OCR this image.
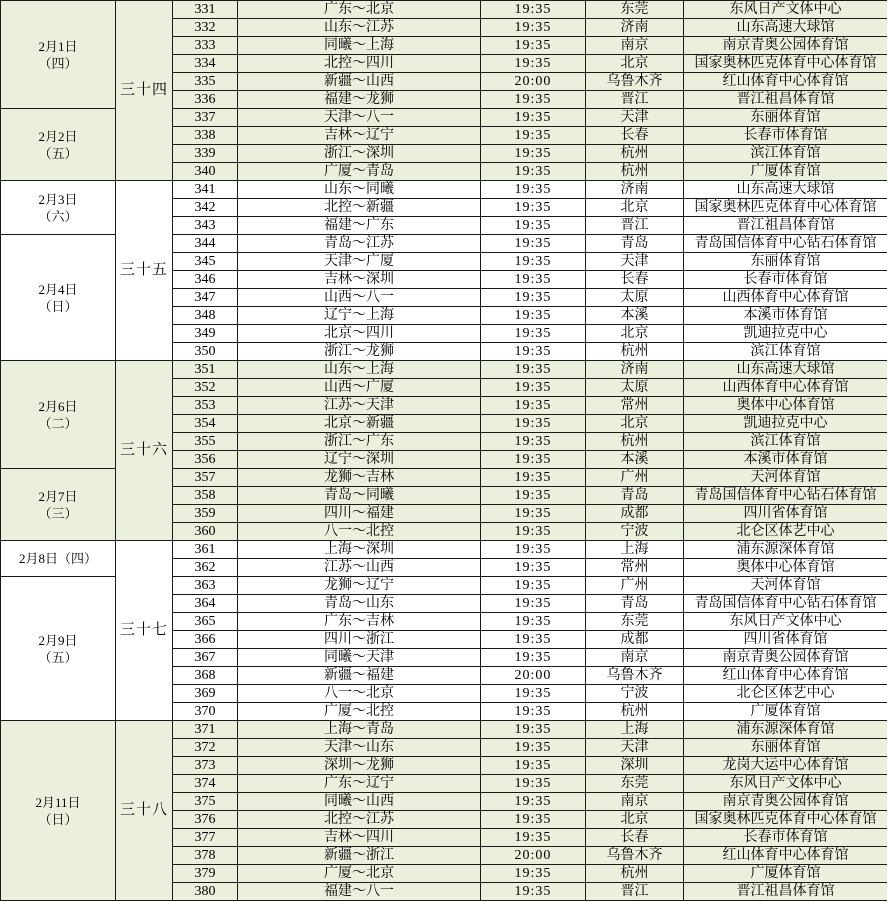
2月1日
（四）	三十四	331	广东～北京	19:35	东莞	东风日产文体中心
		332	山东～江苏	19:35	济南	山东高速大球馆
		333	同曦～上海	19:35	南京	南京青奥公园体育馆
		334	北控～四川	19:35	北京	国家奥林匹克体育中心体育馆
		335	新疆～山西	20:00	乌鲁木齐	红山体育中心体育馆
		336	福建～龙狮	19:35	晋江	晋江祖昌体育馆

2月2日
（五）		337	天津～八一	19:35	天津	东丽体育馆
		338	吉林～辽宁	19:35	长春	长春市体育馆
		339	浙江～深圳	19:35	杭州	滨江体育馆
		340	广厦～青岛	19:35	杭州	广厦体育馆

2月3日
（六）	三十五	341	山东～同曦	19:35	济南	山东高速大球馆
		342	北控～新疆	19:35	北京	国家奥林匹克体育中心体育馆
		343	福建～广东	19:35	晋江	晋江祖昌体育馆

2月4日
（日）		344	青岛～江苏	19:35	青岛	青岛国信体育中心钻石体育馆
		345	天津～广厦	19:35	天津	东丽体育馆
		346	吉林～深圳	19:35	长春	长春市体育馆
		347	山西～八一	19:35	太原	山西体育中心体育馆
		348	辽宁～上海	19:35	本溪	本溪市体育馆
		349	北京～四川	19:35	北京	凯迪拉克中心
		350	浙江～龙狮	19:35	杭州	滨江体育馆

2月6日
（二）	三十六	351	山东～上海	19:35	济南	山东高速大球馆
		352	山西～广厦	19:35	太原	山西体育中心体育馆
		353	江苏～天津	19:35	常州	奥体中心体育馆
		354	北京～新疆	19:35	北京	凯迪拉克中心
		355	浙江～广东	19:35	杭州	滨江体育馆
		356	辽宁～深圳	19:35	本溪	本溪市体育馆

2月7日
（三）		357	龙狮～吉林	19:35	广州	天河体育馆
		358	青岛～同曦	19:35	青岛	青岛国信体育中心钻石体育馆
		359	四川～福建	19:35	成都	四川省体育馆
		360	八一～北控	19:35	宁波	北仑区体艺中心

2月8日（四）	三十七	361	上海～深圳	19:35	上海	浦东源深体育馆
		362	江苏～山西	19:35	常州	奥体中心体育馆

2月9日
（五）		363	龙狮～辽宁	19:35	广州	天河体育馆
		364	青岛～山东	19:35	青岛	青岛国信体育中心钻石体育馆
		365	广东～吉林	19:35	东莞	东风日产文体中心
		366	四川～浙江	19:35	成都	四川省体育馆
		367	同曦～天津	19:35	南京	南京青奥公园体育馆
		368	新疆～福建	20:00	乌鲁木齐	红山体育中心体育馆
		369	八一～北京	19:35	宁波	北仑区体艺中心
		370	广厦～北控	19:35	杭州	广厦体育馆

2月11日
（日）	三十八	371	上海～青岛	19:35	上海	浦东源深体育馆
		372	天津～山东	19:35	天津	东丽体育馆
		373	深圳～龙狮	19:35	深圳	龙岗大运中心体育馆
		374	广东～辽宁	19:35	东莞	东风日产文体中心
		375	同曦～山西	19:35	南京	南京青奥公园体育馆
		376	北控～江苏	19:35	北京	国家奥林匹克体育中心体育馆
		377	吉林～四川	19:35	长春	长春市体育馆
		378	新疆～浙江	20:00	乌鲁木齐	红山体育中心体育馆
		379	广厦～北京	19:35	杭州	广厦体育馆
		380	福建～八一	19:35	晋江	晋江祖昌体育馆
